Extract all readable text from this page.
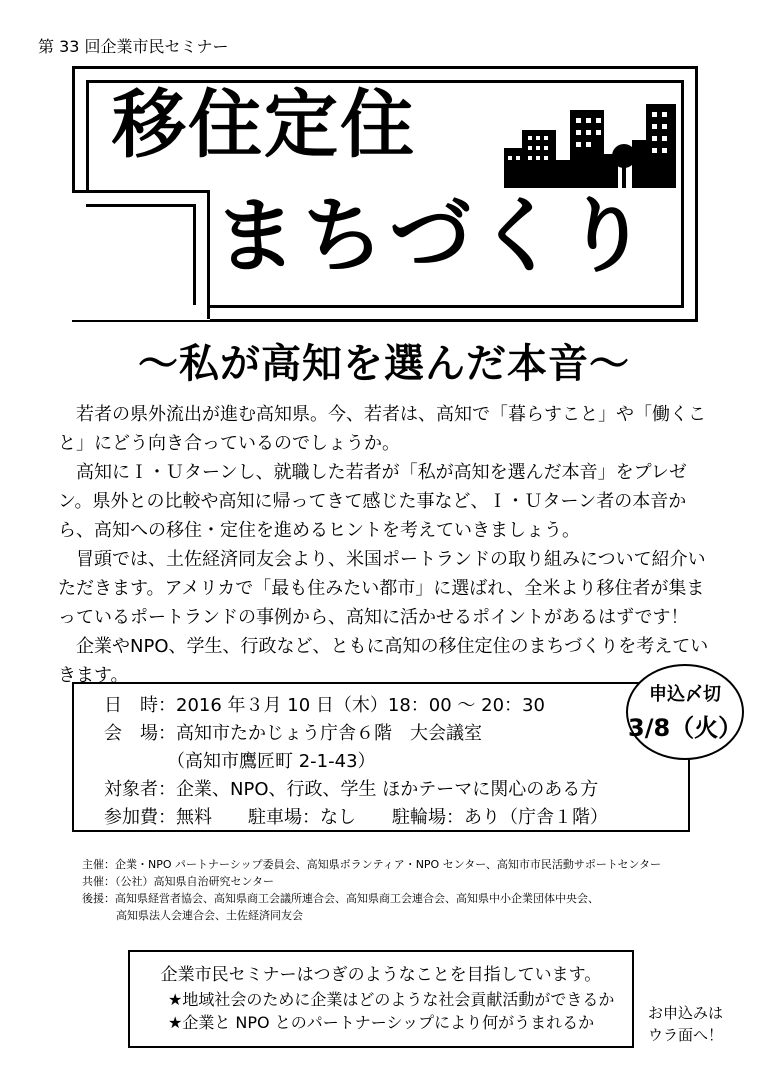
第 33 回企業市民セミナー
移住定住
まちづくり
～私が高知を選んだ本音～

若者の県外流出が進む高知県。今、若者は、高知で「暮らすこと」や「働くこと」にどう向き合っているのでしょうか。

高知にＩ・Ｕターンし、就職した若者が「私が高知を選んだ本音」をプレゼン。県外との比較や高知に帰ってきて感じた事など、Ｉ・Ｕターン者の本音から、高知への移住・定住を進めるヒントを考えていきましょう。

冒頭では、土佐経済同友会より、米国ポートランドの取り組みについて紹介いただきます。アメリカで「最も住みたい都市」に選ばれ、全米より移住者が集まっているポートランドの事例から、高知に活かせるポイントがあるはずです！

企業やNPO、学生、行政など、ともに高知の移住定住のまちづくりを考えていきます。

日　時：2016 年３月 10 日（木）18：00 ～ 20：30
会　場：高知市たかじょう庁舎６階　大会議室
　　　　（高知市鷹匠町 2-1-43）
対象者：企業、NPO、行政、学生 ほかテーマに関心のある方
参加費：無料　　駐車場：なし　　駐輪場：あり（庁舎１階）
申込〆切
3/8（火）
主催：企業・NPO パートナーシップ委員会、高知県ボランティア・NPO センター、高知市市民活動サポートセンター
共催：（公社）高知県自治研究センター
後援：高知県経営者協会、高知県商工会議所連合会、高知県商工会連合会、高知県中小企業団体中央会、
高知県法人会連合会、土佐経済同友会
企業市民セミナーはつぎのようなことを目指しています。
★地域社会のために企業はどのような社会貢献活動ができるか
★企業と NPO とのパートナーシップにより何がうまれるか	お申込みは
ウラ面へ！
